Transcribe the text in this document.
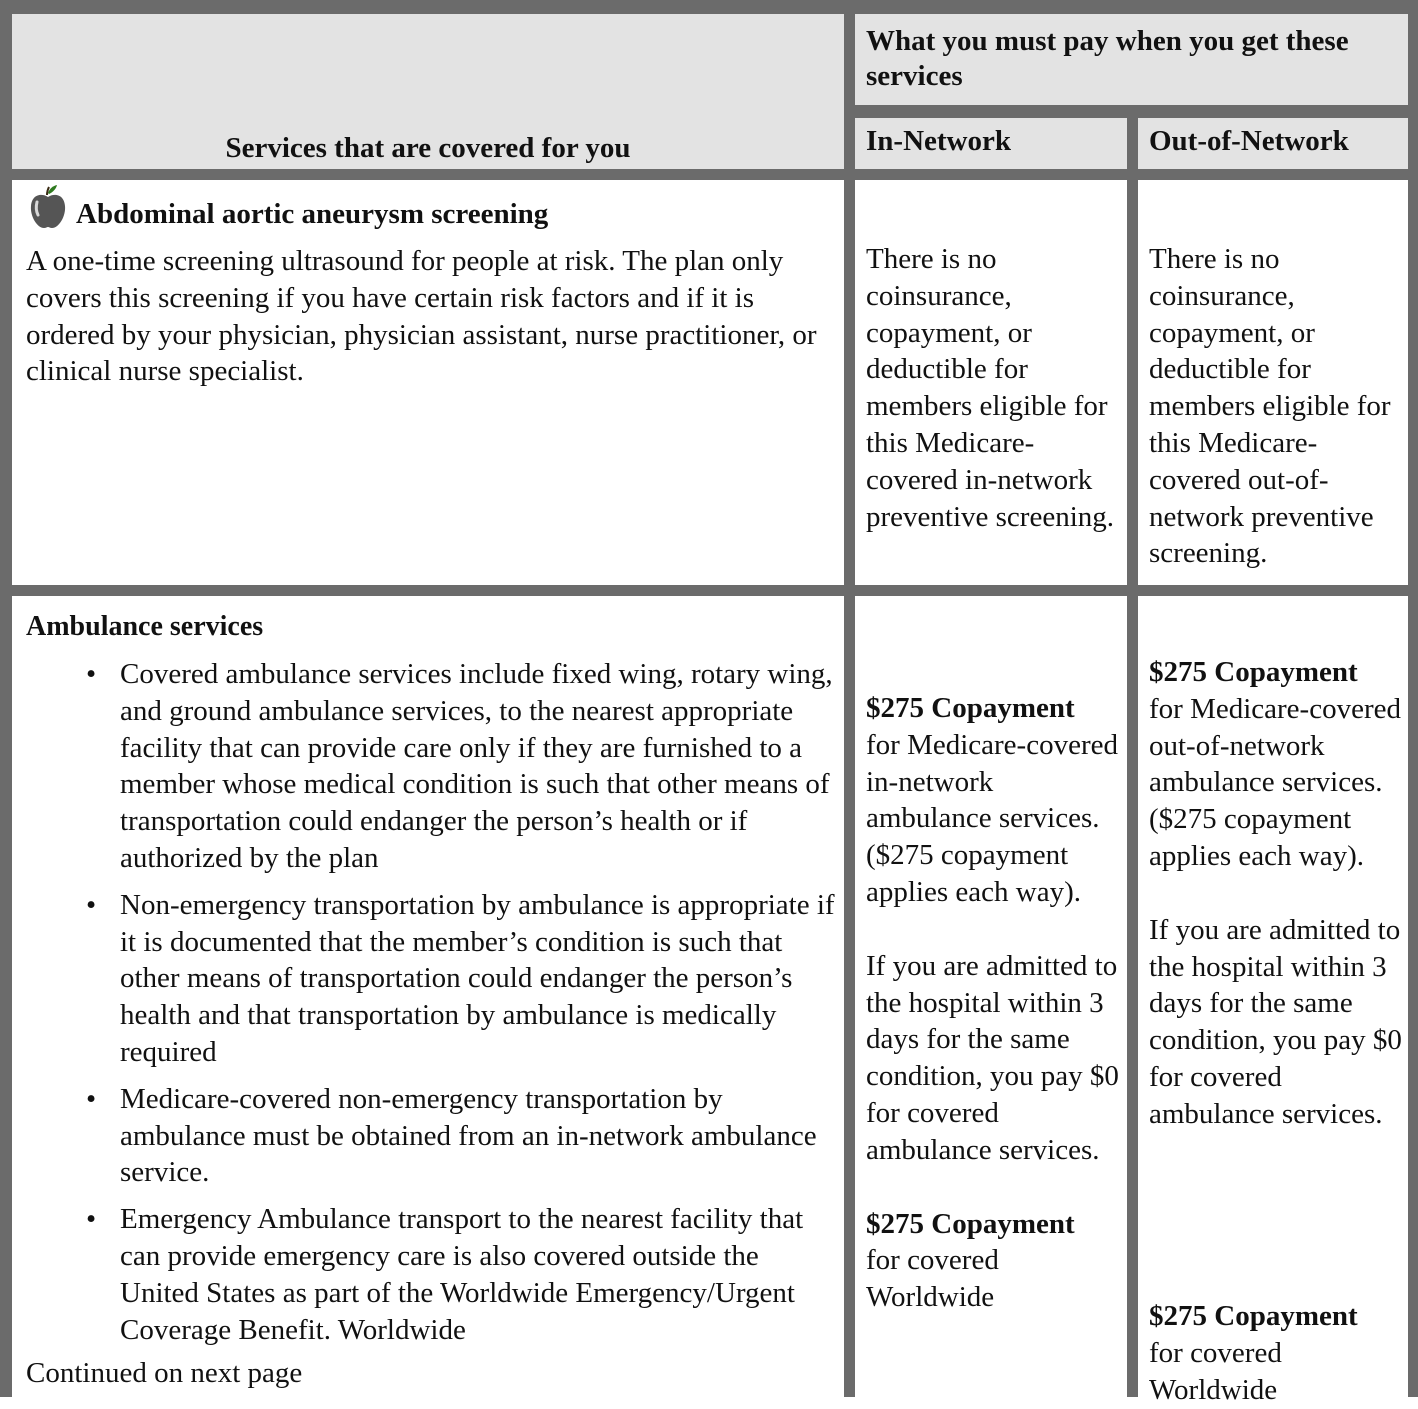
Services that are covered for you
What you must pay when you get these services
In-Network	Out-of-Network
Abdominal aortic aneurysm screening
A one-time screening ultrasound for people at risk. The plan only covers this screening if you have certain risk factors and if it is ordered by your physician, physician assistant, nurse practitioner, or clinical nurse specialist.
There is no coinsurance, copayment, or deductible for members eligible for this Medicare-covered in-network preventive screening.
There is no coinsurance, copayment, or deductible for members eligible for this Medicare-covered out-of-network preventive screening.
Ambulance services
• Covered ambulance services include fixed wing, rotary wing, and ground ambulance services, to the nearest appropriate facility that can provide care only if they are furnished to a member whose medical condition is such that other means of transportation could endanger the person’s health or if authorized by the plan
• Non-emergency transportation by ambulance is appropriate if it is documented that the member’s condition is such that other means of transportation could endanger the person’s health and that transportation by ambulance is medically required
• Medicare-covered non-emergency transportation by ambulance must be obtained from an in-network ambulance service.
• Emergency Ambulance transport to the nearest facility that can provide emergency care is also covered outside the United States as part of the Worldwide Emergency/Urgent Coverage Benefit. Worldwide
Continued on next page
$275 Copayment
for Medicare-covered in-network ambulance services. ($275 copayment applies each way).
If you are admitted to the hospital within 3 days for the same condition, you pay $0 for covered ambulance services.
$275 Copayment
for covered Worldwide
$275 Copayment
for Medicare-covered out-of-network ambulance services. ($275 copayment applies each way).
If you are admitted to the hospital within 3 days for the same condition, you pay $0 for covered ambulance services.
$275 Copayment
for covered Worldwide
